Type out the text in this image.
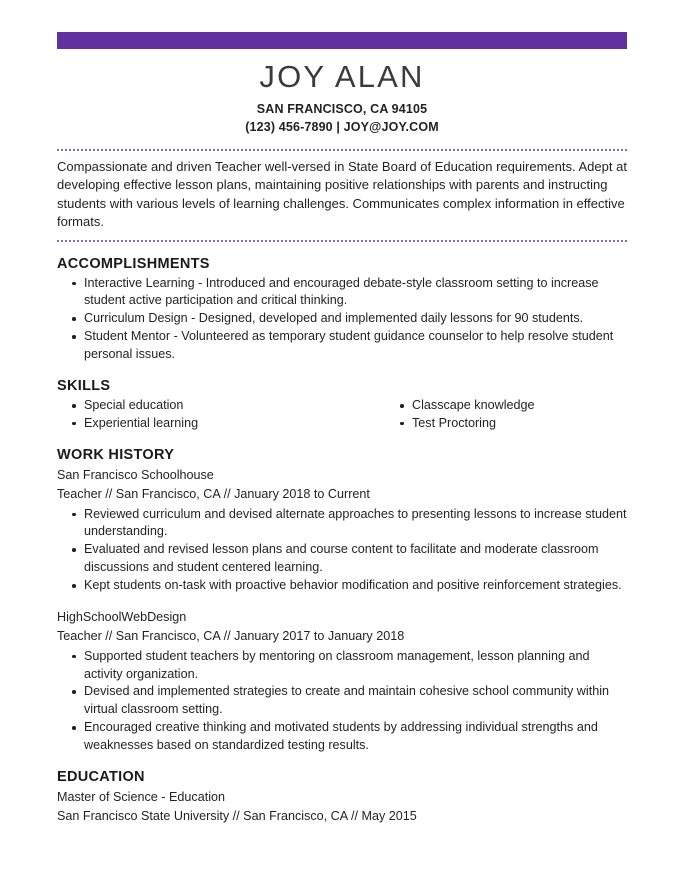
JOY ALAN

SAN FRANCISCO, CA 94105

(123) 456-7890 | JOY@JOY.COM

Compassionate and driven Teacher well-versed in State Board of Education requirements. Adept at developing effective lesson plans, maintaining positive relationships with parents and instructing students with various levels of learning challenges. Communicates complex information in effective formats.

ACCOMPLISHMENTS
Interactive Learning - Introduced and encouraged debate-style classroom setting to increase student active participation and critical thinking.
Curriculum Design - Designed, developed and implemented daily lessons for 90 students.
Student Mentor - Volunteered as temporary student guidance counselor to help resolve student personal issues.
SKILLS
Special education
Experiential learning
Classcape knowledge
Test Proctoring
WORK HISTORY

San Francisco Schoolhouse

Teacher // San Francisco, CA // January 2018 to Current

Reviewed curriculum and devised alternate approaches to presenting lessons to increase student understanding.
Evaluated and revised lesson plans and course content to facilitate and moderate classroom discussions and student centered learning.
Kept students on-task with proactive behavior modification and positive reinforcement strategies.

HighSchoolWebDesign

Teacher // San Francisco, CA // January 2017 to January 2018

Supported student teachers by mentoring on classroom management, lesson planning and activity organization.
Devised and implemented strategies to create and maintain cohesive school community within virtual classroom setting.
Encouraged creative thinking and motivated students by addressing individual strengths and weaknesses based on standardized testing results.
EDUCATION

Master of Science - Education

San Francisco State University // San Francisco, CA // May 2015
